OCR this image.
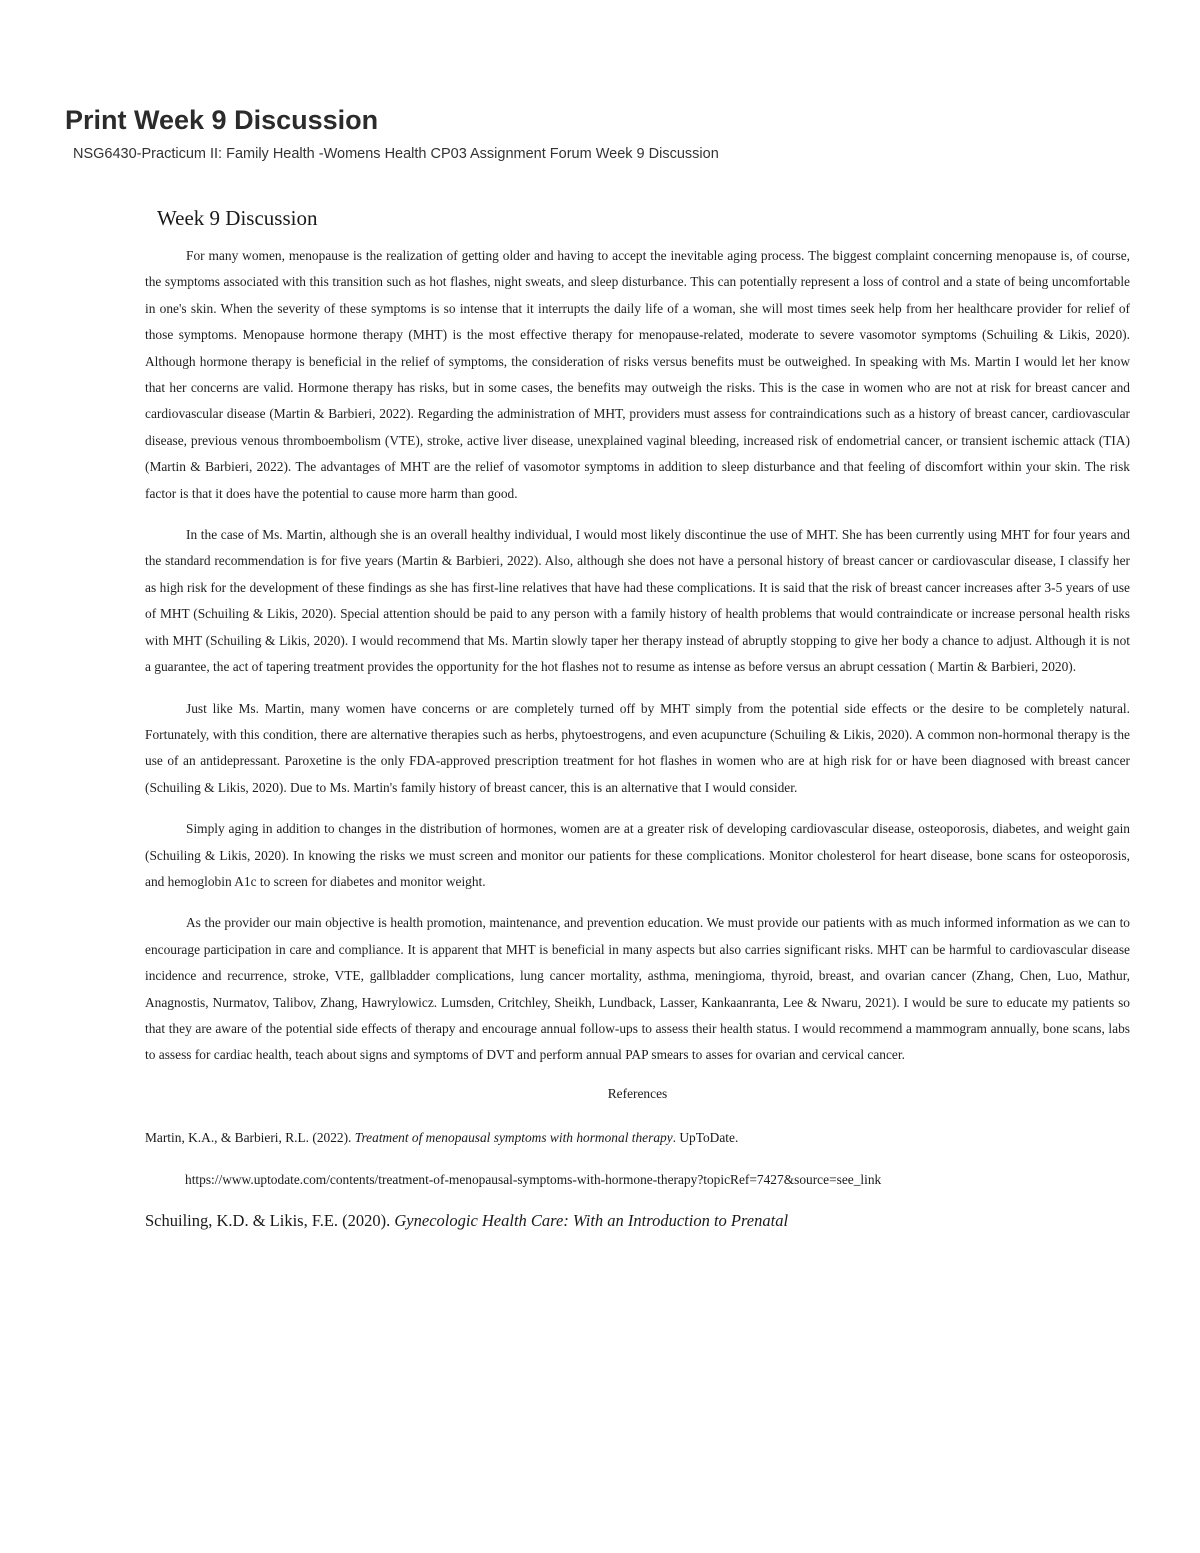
Print Week 9 Discussion
NSG6430-Practicum II: Family Health -Womens Health CP03 Assignment Forum Week 9 Discussion
Week 9 Discussion

For many women, menopause is the realization of getting older and having to accept the inevitable aging process. The biggest complaint concerning menopause is, of course, the symptoms associated with this transition such as hot flashes, night sweats, and sleep disturbance. This can potentially represent a loss of control and a state of being uncomfortable in one's skin. When the severity of these symptoms is so intense that it interrupts the daily life of a woman, she will most times seek help from her healthcare provider for relief of those symptoms. Menopause hormone therapy (MHT) is the most effective therapy for menopause-related, moderate to severe vasomotor symptoms (Schuiling & Likis, 2020). Although hormone therapy is beneficial in the relief of symptoms, the consideration of risks versus benefits must be outweighed. In speaking with Ms. Martin I would let her know that her concerns are valid. Hormone therapy has risks, but in some cases, the benefits may outweigh the risks. This is the case in women who are not at risk for breast cancer and cardiovascular disease (Martin & Barbieri, 2022). Regarding the administration of MHT, providers must assess for contraindications such as a history of breast cancer, cardiovascular disease, previous venous thromboembolism (VTE), stroke, active liver disease, unexplained vaginal bleeding, increased risk of endometrial cancer, or transient ischemic attack (TIA) (Martin & Barbieri, 2022). The advantages of MHT are the relief of vasomotor symptoms in addition to sleep disturbance and that feeling of discomfort within your skin. The risk factor is that it does have the potential to cause more harm than good.

In the case of Ms. Martin, although she is an overall healthy individual, I would most likely discontinue the use of MHT. She has been currently using MHT for four years and the standard recommendation is for five years (Martin & Barbieri, 2022). Also, although she does not have a personal history of breast cancer or cardiovascular disease, I classify her as high risk for the development of these findings as she has first-line relatives that have had these complications. It is said that the risk of breast cancer increases after 3-5 years of use of MHT (Schuiling & Likis, 2020). Special attention should be paid to any person with a family history of health problems that would contraindicate or increase personal health risks with MHT (Schuiling & Likis, 2020). I would recommend that Ms. Martin slowly taper her therapy instead of abruptly stopping to give her body a chance to adjust. Although it is not a guarantee, the act of tapering treatment provides the opportunity for the hot flashes not to resume as intense as before versus an abrupt cessation ( Martin & Barbieri, 2020).

Just like Ms. Martin, many women have concerns or are completely turned off by MHT simply from the potential side effects or the desire to be completely natural. Fortunately, with this condition, there are alternative therapies such as herbs, phytoestrogens, and even acupuncture (Schuiling & Likis, 2020). A common non-hormonal therapy is the use of an antidepressant. Paroxetine is the only FDA-approved prescription treatment for hot flashes in women who are at high risk for or have been diagnosed with breast cancer (Schuiling & Likis, 2020). Due to Ms. Martin's family history of breast cancer, this is an alternative that I would consider.

Simply aging in addition to changes in the distribution of hormones, women are at a greater risk of developing cardiovascular disease, osteoporosis, diabetes, and weight gain (Schuiling & Likis, 2020). In knowing the risks we must screen and monitor our patients for these complications. Monitor cholesterol for heart disease, bone scans for osteoporosis, and hemoglobin A1c to screen for diabetes and monitor weight.

As the provider our main objective is health promotion, maintenance, and prevention education. We must provide our patients with as much informed information as we can to encourage participation in care and compliance. It is apparent that MHT is beneficial in many aspects but also carries significant risks. MHT can be harmful to cardiovascular disease incidence and recurrence, stroke, VTE, gallbladder complications, lung cancer mortality, asthma, meningioma, thyroid, breast, and ovarian cancer (Zhang, Chen, Luo, Mathur, Anagnostis, Nurmatov, Talibov, Zhang, Hawrylowicz. Lumsden, Critchley, Sheikh, Lundback, Lasser, Kankaanranta, Lee & Nwaru, 2021). I would be sure to educate my patients so that they are aware of the potential side effects of therapy and encourage annual follow-ups to assess their health status. I would recommend a mammogram annually, bone scans, labs to assess for cardiac health, teach about signs and symptoms of DVT and perform annual PAP smears to asses for ovarian and cervical cancer.

References
Martin, K.A., & Barbieri, R.L. (2022). Treatment of menopausal symptoms with hormonal therapy. UpToDate.
https://www.uptodate.com/contents/treatment-of-menopausal-symptoms-with-hormone-therapy?topicRef=7427&source=see_link
Schuiling, K.D. & Likis, F.E. (2020). Gynecologic Health Care: With an Introduction to Prenatal
